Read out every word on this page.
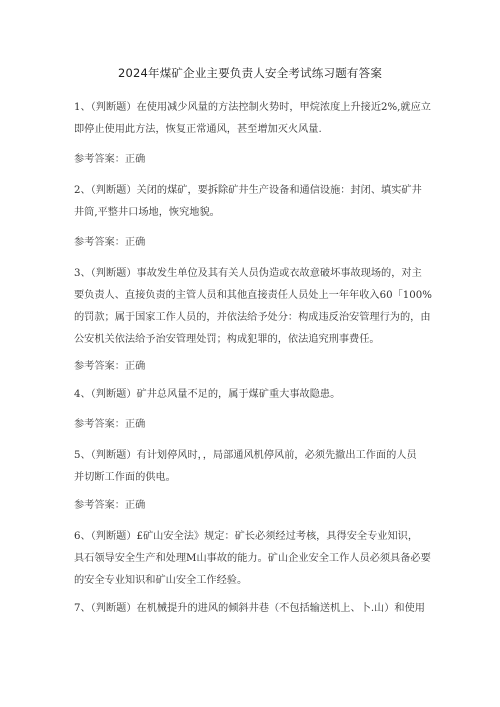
2024年煤矿企业主要负责人安全考试练习题有答案
1、（判断题）在使用减少风量的方法控制火势时，甲烷浓度上升接近2%,就应立
即停止使用此方法，恢复正常通风，甚至增加灭火风量.
参考答案：正确
2、（判断题）关闭的煤矿，要拆除矿井生产设备和通信设施：封闭、填实矿井
井筒,平整井口场地，恢究地貌。
参考答案：正确
3、（判断题）事故发生单位及其有关人员伪造或衣故意破坏事故现场的，对主
要负责人、直接负责的主管人员和其他直接责任人员处上一年年收入60「100%
的罚款；属于国家工作人员的，并依法给予处分：构成违反治安管理行为的，由
公安机关依法给予治安管理处罚；构成犯罪的，依法追究刑事费任。
参考答案：正确
4、（判断题）矿井总风量不足的，属于煤矿重大事故隐患。
参考答案：正确
5、（判断题）有计划停风时，，局部通风机停风前，必须先撤出工作面的人员
并切断工作面的供电。
参考答案：正确
6、（判断题）£矿山安全法》规定：矿长必须经过考核，具得安全专业知识，
具石领导安全生产和处理M山事故的能力。矿山企业安全工作人员必须具备必要
的安全专业知识和矿山安全工作经验。
7、（判断题）在机械提升的进风的倾斜井巷（不包括输送机上、卜.山）和使用
